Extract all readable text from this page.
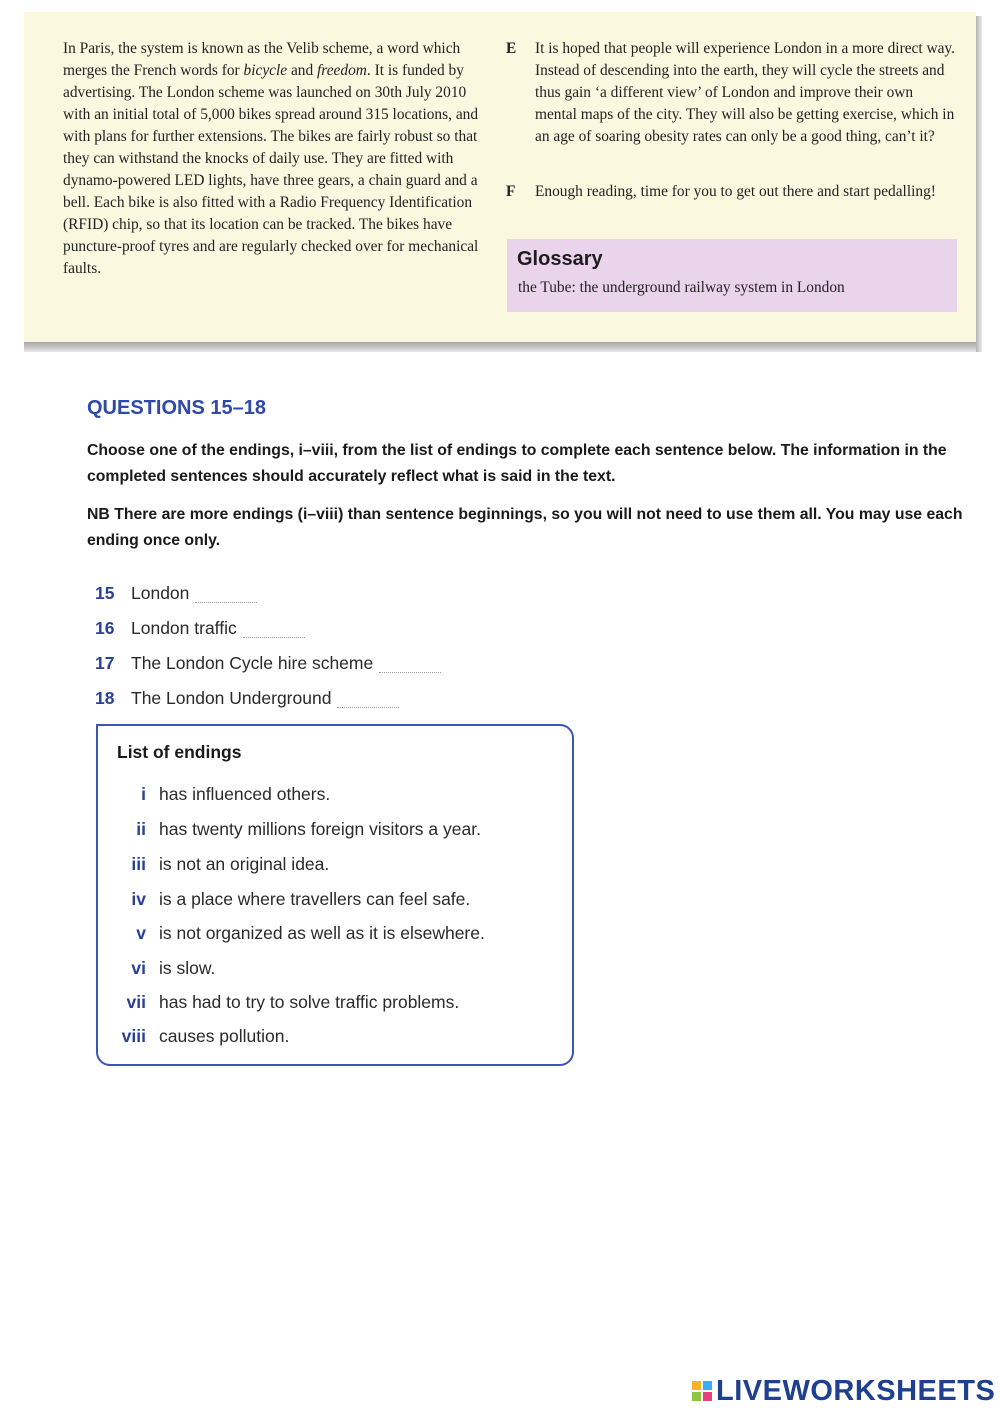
In Paris, the system is known as the Velib scheme, a word which merges the French words for bicycle and freedom. It is funded by advertising. The London scheme was launched on 30th July 2010 with an initial total of 5,000 bikes spread around 315 locations, and with plans for further extensions. The bikes are fairly robust so that they can withstand the knocks of daily use. They are fitted with dynamo-powered LED lights, have three gears, a chain guard and a bell. Each bike is also fitted with a Radio Frequency Identification (RFID) chip, so that its location can be tracked. The bikes have puncture-proof tyres and are regularly checked over for mechanical faults.
E	It is hoped that people will experience London in a more direct way. Instead of descending into the earth, they will cycle the streets and thus gain ‘a different view’ of London and improve their own mental maps of the city. They will also be getting exercise, which in an age of soaring obesity rates can only be a good thing, can’t it?
F	Enough reading, time for you to get out there and start pedalling!
Glossary
the Tube: the underground railway system in London
QUESTIONS 15–18
Choose one of the endings, i–viii, from the list of endings to complete each sentence below. The information in the completed sentences should accurately reflect what is said in the text.
NB There are more endings (i–viii) than sentence beginnings, so you will not need to use them all. You may use each ending once only.
15 London
16 London traffic
17 The London Cycle hire scheme
18 The London Underground
List of endings
i has influenced others.
ii has twenty millions foreign visitors a year.
iii is not an original idea.
iv is a place where travellers can feel safe.
v is not organized as well as it is elsewhere.
vi is slow.
vii has had to try to solve traffic problems.
viii causes pollution.
LIVEWORKSHEETS
